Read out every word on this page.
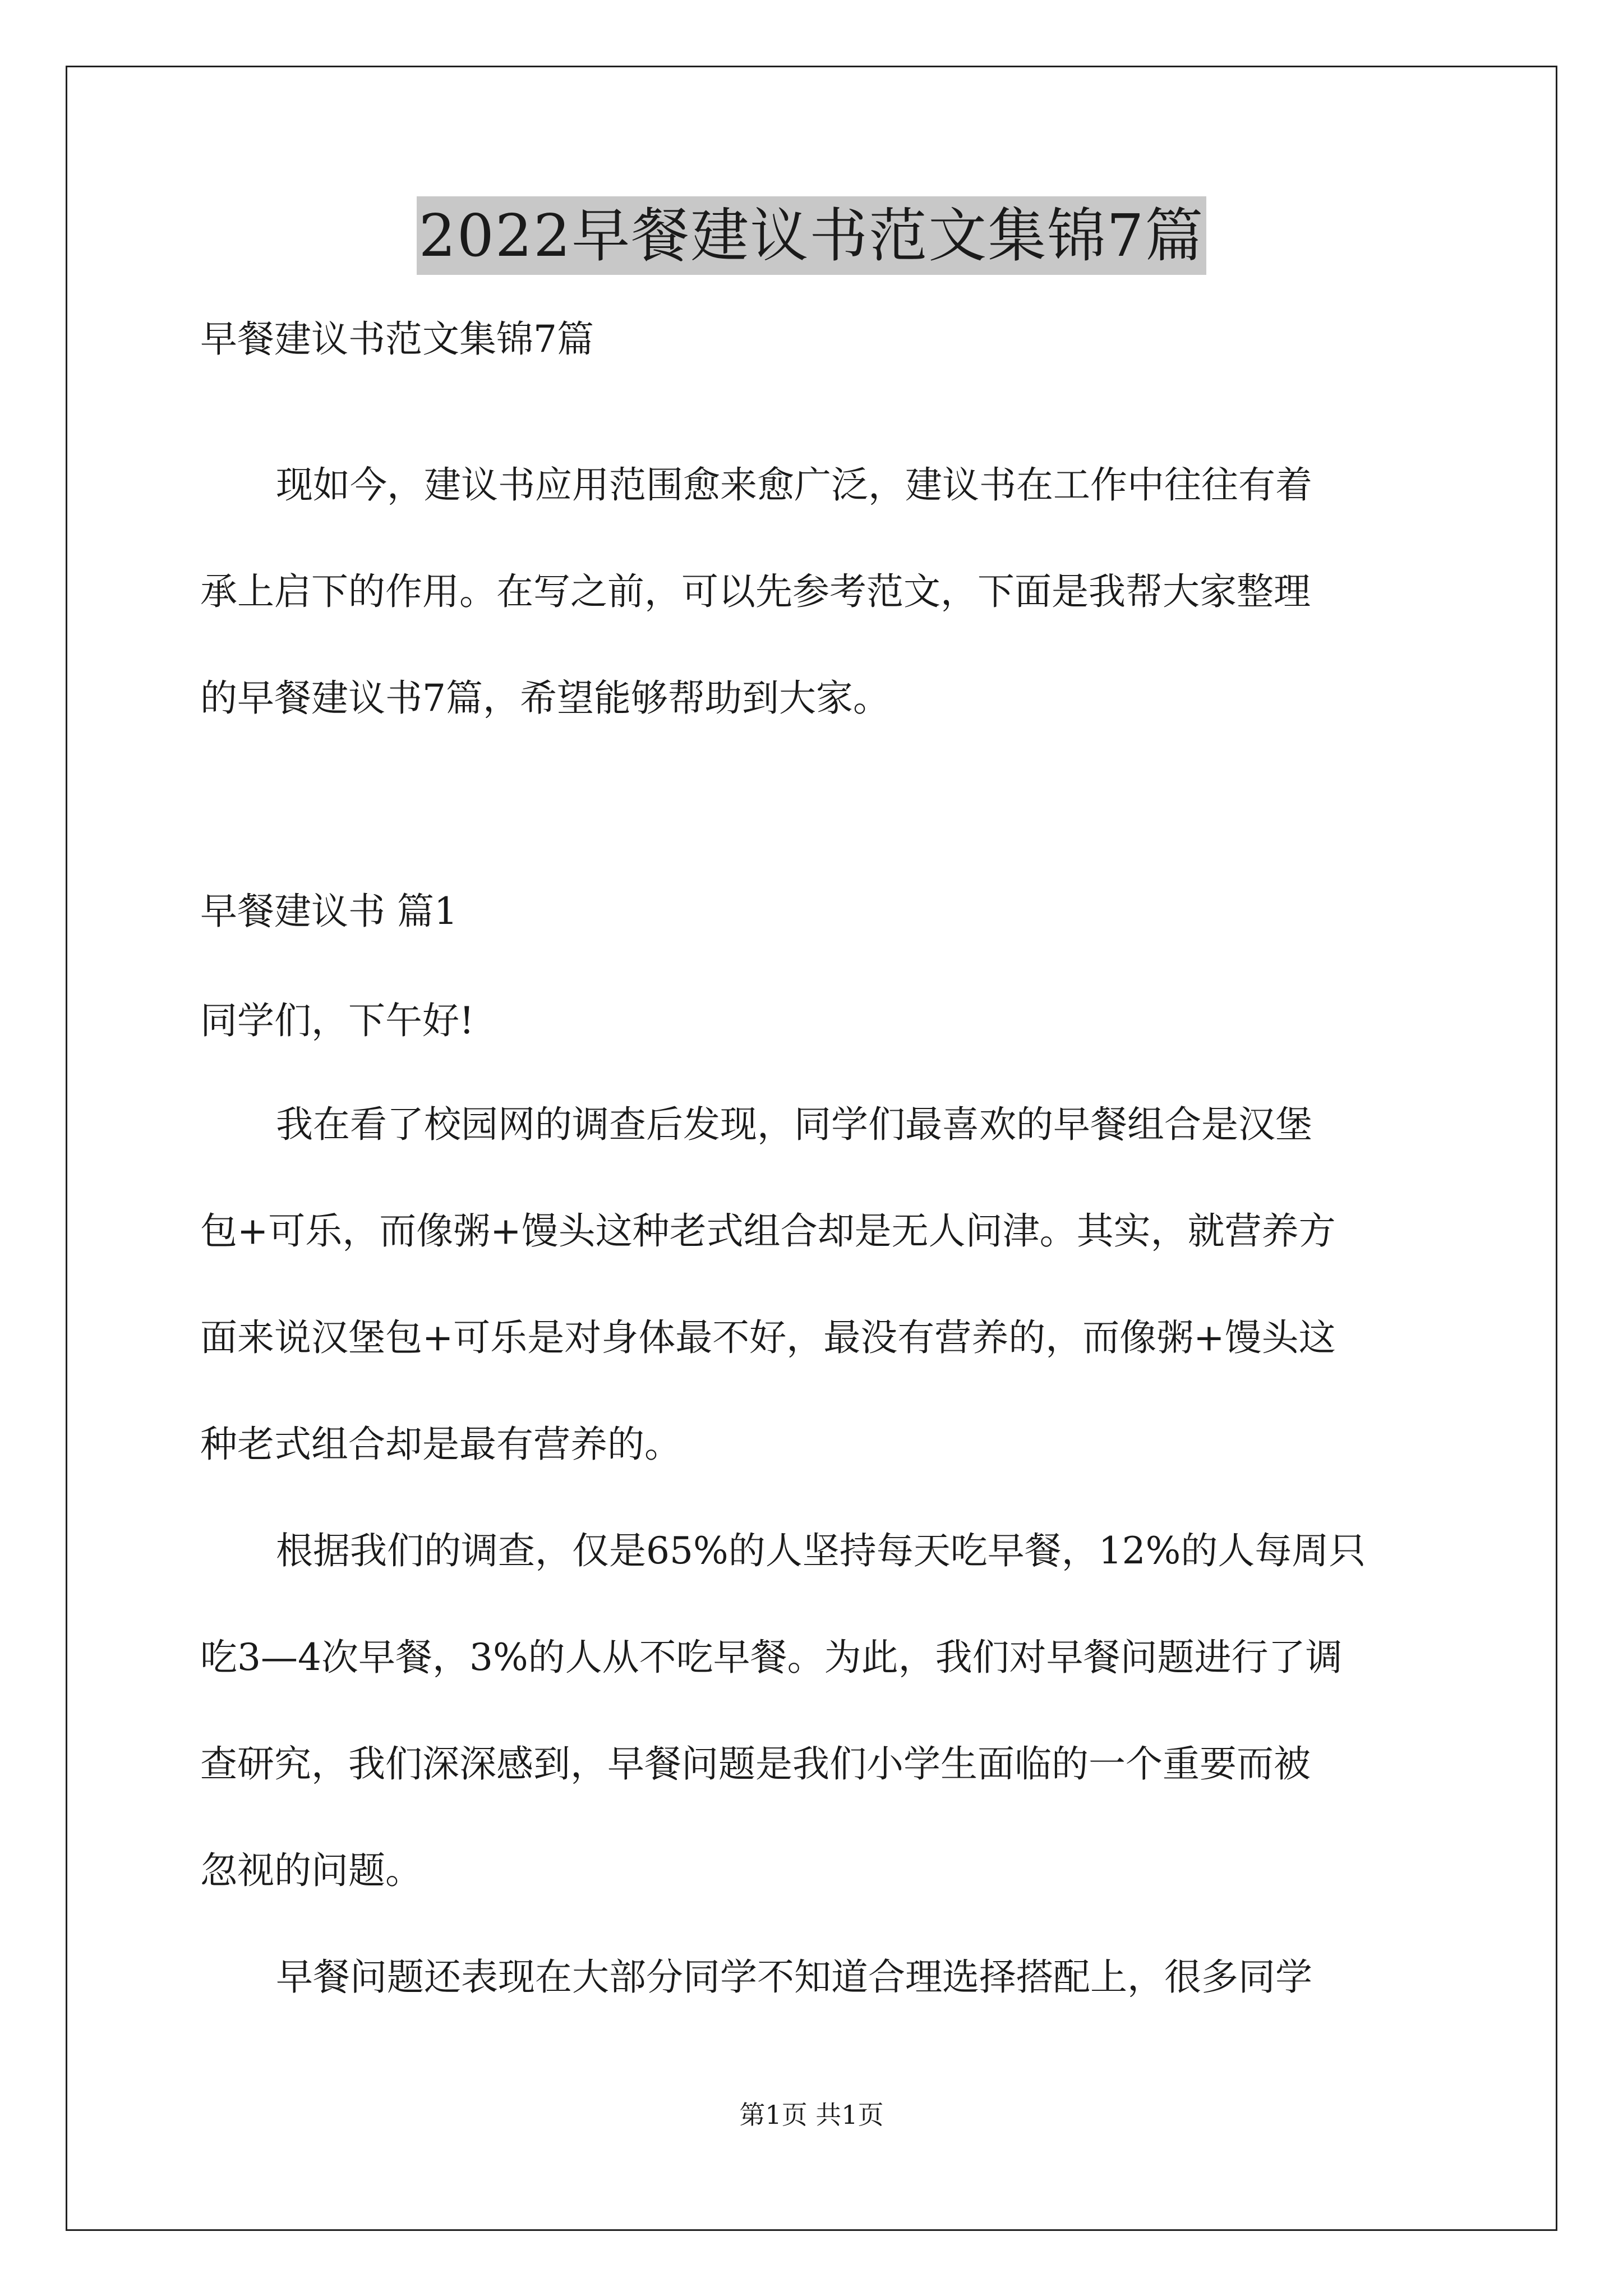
2022早餐建议书范文集锦7篇
早餐建议书范文集锦7篇
现如今，建议书应用范围愈来愈广泛，建议书在工作中往往有着
承上启下的作用。在写之前，可以先参考范文，下面是我帮大家整理
的早餐建议书7篇，希望能够帮助到大家。
早餐建议书 篇1
同学们，下午好!
我在看了校园网的调查后发现，同学们最喜欢的早餐组合是汉堡
包+可乐，而像粥+馒头这种老式组合却是无人问津。其实，就营养方
面来说汉堡包+可乐是对身体最不好，最没有营养的，而像粥+馒头这
种老式组合却是最有营养的。
根据我们的调查，仅是65%的人坚持每天吃早餐，12%的人每周只
吃3—4次早餐，3%的人从不吃早餐。为此，我们对早餐问题进行了调
查研究，我们深深感到，早餐问题是我们小学生面临的一个重要而被
忽视的问题。
早餐问题还表现在大部分同学不知道合理选择搭配上，很多同学
第1页 共1页
